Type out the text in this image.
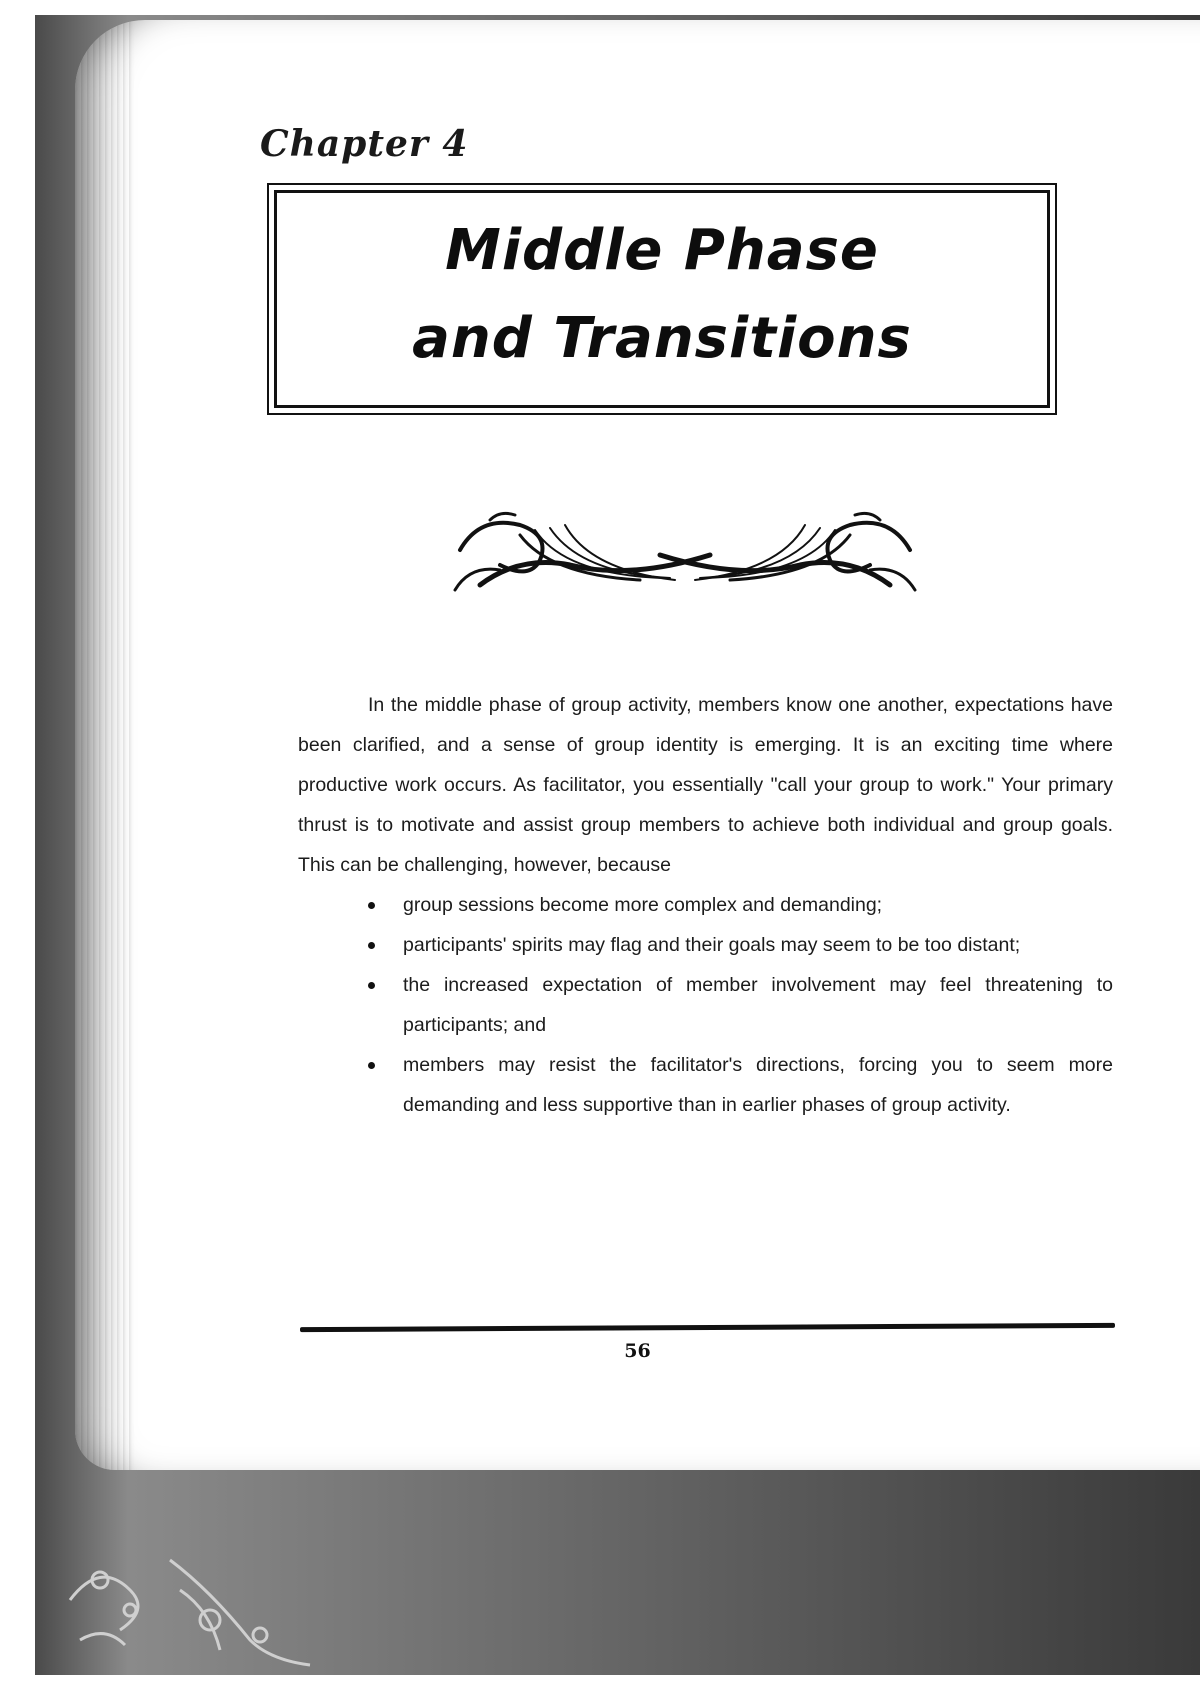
Chapter 4
Middle Phase
and Transitions

In the middle phase of group activity, members know one another, expectations have been clarified, and a sense of group identity is emerging. It is an exciting time where productive work occurs. As facilitator, you essentially "call your group to work." Your primary thrust is to motivate and assist group members to achieve both individual and group goals. This can be challenging, however, because

group sessions become more complex and demanding;
participants' spirits may flag and their goals may seem to be too distant;
the increased expectation of member involvement may feel threatening to participants; and
members may resist the facilitator's directions, forcing you to seem more demanding and less supportive than in earlier phases of group activity.
56
